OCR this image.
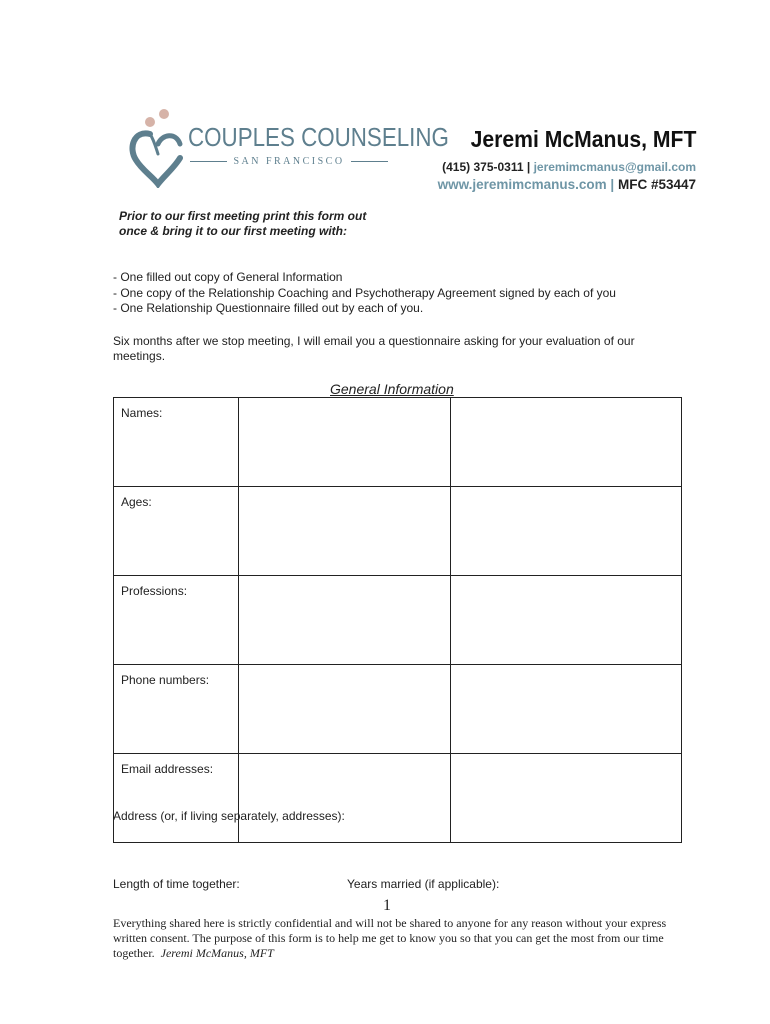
COUPLES COUNSELING
SAN FRANCISCO
Jeremi McManus, MFT
(415) 375-0311 | jeremimcmanus@gmail.com
www.jeremimcmanus.com | MFC #53447
Prior to our first meeting print this form out
once & bring it to our first meeting with:
- One filled out copy of General Information
- One copy of the Relationship Coaching and Psychotherapy Agreement signed by each of you
- One Relationship Questionnaire filled out by each of you.
Six months after we stop meeting, I will email you a questionnaire asking for your evaluation of our meetings.
General Information
Names:		
Ages:		
Professions:		
Phone numbers:		
Email addresses:		
Address (or, if living separately, addresses):
Length of time together:	Years married (if applicable):
1
Everything shared here is strictly confidential and will not be shared to anyone for any reason without your express written consent. The purpose of this form is to help me get to know you so that you can get the most from our time together. Jeremi McManus, MFT
